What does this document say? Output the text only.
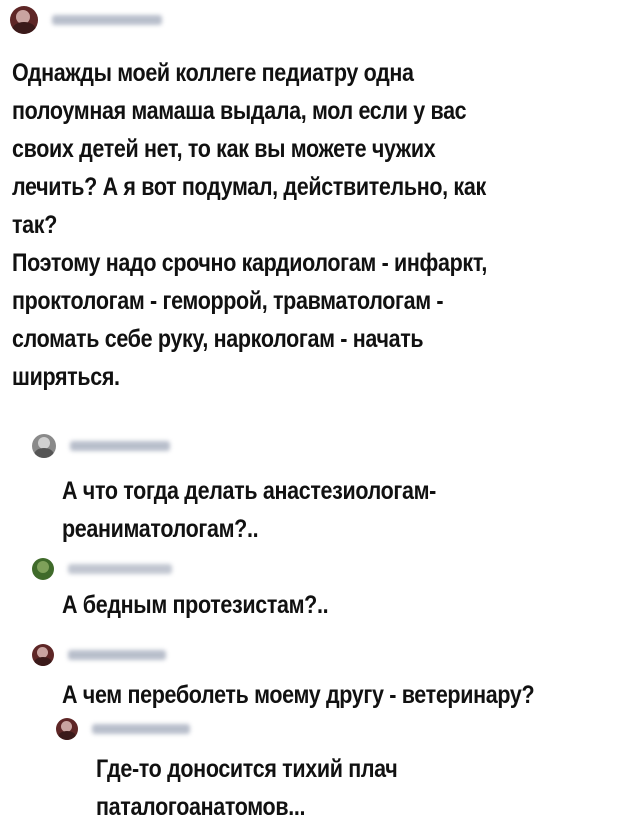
Однажды моей коллеге педиатру одна
полоумная мамаша выдала, мол если у вас
своих детей нет, то как вы можете чужих
лечить? А я вот подумал, действительно, как
так?
Поэтому надо срочно кардиологам - инфаркт,
проктологам - геморрой, травматологам -
сломать себе руку, наркологам - начать
ширяться.
А что тогда делать анастезиологам-
реаниматологам?..
А бедным протезистам?..
А чем переболеть моему другу - ветеринару?
Где-то доносится тихий плач
паталогоанатомов...
